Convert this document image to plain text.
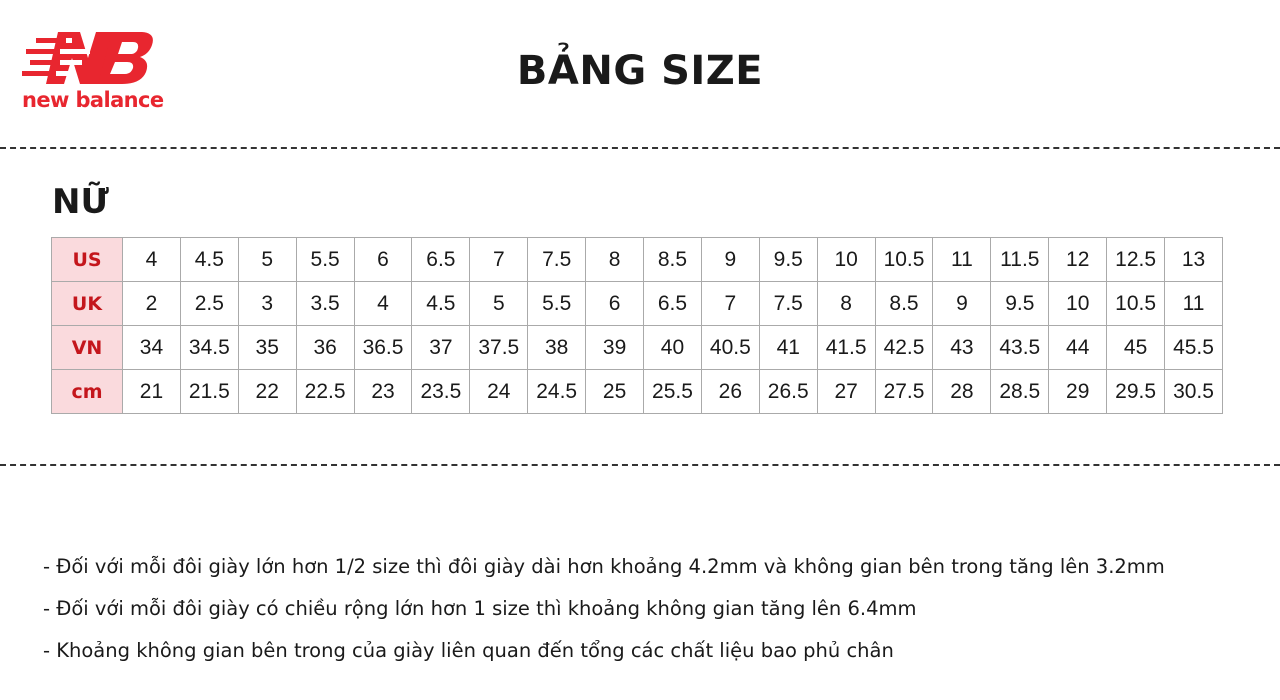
new balance
BẢNG SIZE
NỮ
US	4	4.5	5	5.5	6	6.5	7	7.5	8	8.5	9	9.5	10	10.5	11	11.5	12	12.5	13
UK	2	2.5	3	3.5	4	4.5	5	5.5	6	6.5	7	7.5	8	8.5	9	9.5	10	10.5	11
VN	34	34.5	35	36	36.5	37	37.5	38	39	40	40.5	41	41.5	42.5	43	43.5	44	45	45.5
cm	21	21.5	22	22.5	23	23.5	24	24.5	25	25.5	26	26.5	27	27.5	28	28.5	29	29.5	30.5
- Đối với mỗi đôi giày lớn hơn 1/2 size thì đôi giày dài hơn khoảng 4.2mm và không gian bên trong tăng lên 3.2mm
- Đối với mỗi đôi giày có chiều rộng lớn hơn 1 size thì khoảng không gian tăng lên 6.4mm
- Khoảng không gian bên trong của giày liên quan đến tổng các chất liệu bao phủ chân
